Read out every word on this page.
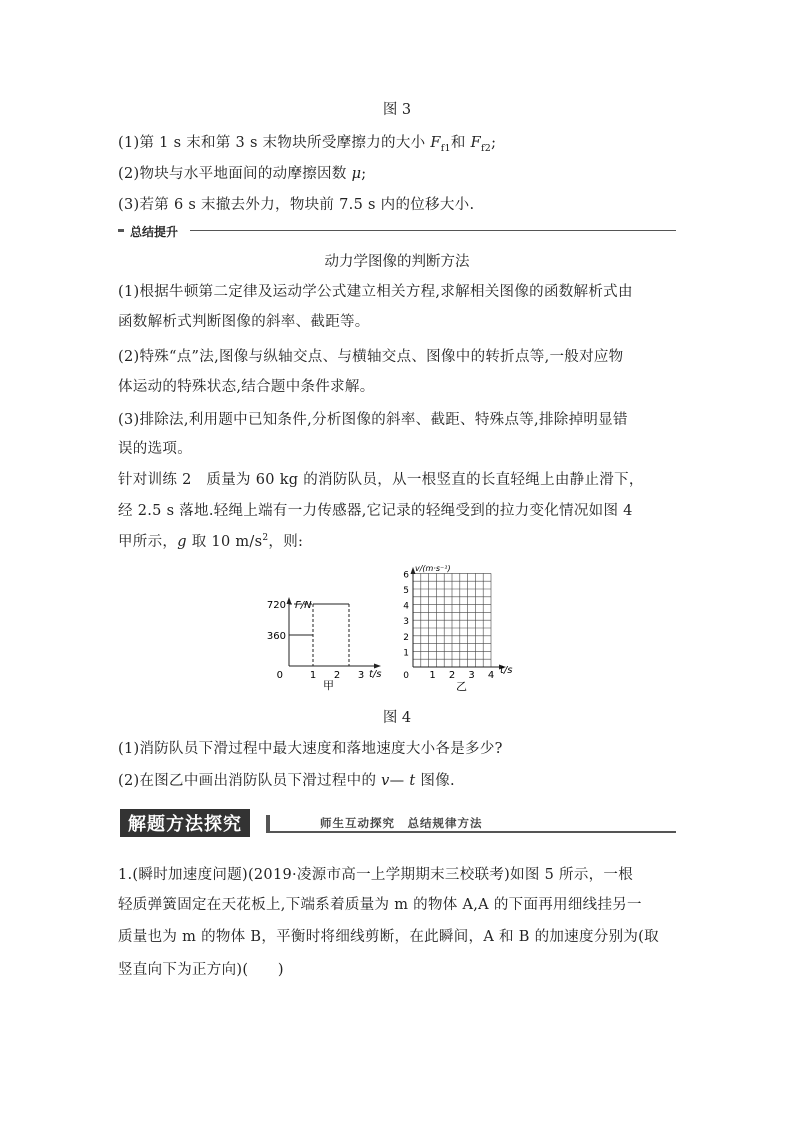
图 3
(1)第 1 s 末和第 3 s 末物块所受摩擦力的大小 $F_{f1}$和 $F_{f2}$;
(2)物块与水平地面间的动摩擦因数 μ;
(3)若第 6 s 末撤去外力，物块前 7.5 s 内的位移大小.
总结提升
动力学图像的判断方法
(1)根据牛顿第二定律及运动学公式建立相关方程,求解相关图像的函数解析式由
函数解析式判断图像的斜率、截距等。
(2)特殊“点”法,图像与纵轴交点、与横轴交点、图像中的转折点等,一般对应物
体运动的特殊状态,结合题中条件求解。
(3)排除法,利用题中已知条件,分析图像的斜率、截距、特殊点等,排除掉明显错
误的选项。
针对训练 2　质量为 60 kg 的消防队员，从一根竖直的长直轻绳上由静止滑下，
经 2.5 s 落地.轻绳上端有一力传感器,它记录的轻绳受到的拉力变化情况如图 4
甲所示，g 取 10 $m/s^2$，则:
F/N
t/s
720
360
0	1 2 3
甲
v/(m·s⁻¹)
t/s
6
5
4
3
2
1
0 1 2 3 4
乙
图 4
(1)消防队员下滑过程中最大速度和落地速度大小各是多少?
(2)在图乙中画出消防队员下滑过程中的 v— t 图像.
解题方法探究	师生互动探究　总结规律方法
1.(瞬时加速度问题)(2019·凌源市高一上学期期末三校联考)如图 5 所示，一根
轻质弹簧固定在天花板上,下端系着质量为 m 的物体 A,A 的下面再用细线挂另一
质量也为 m 的物体 B，平衡时将细线剪断，在此瞬间，A 和 B 的加速度分别为(取
竖直向下为正方向)(　　)
